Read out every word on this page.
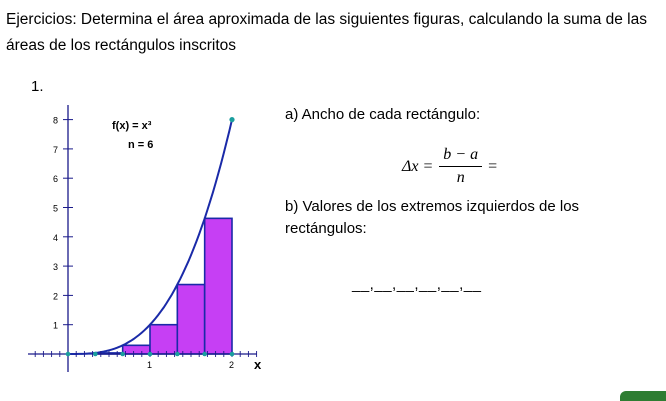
Ejercicios: Determina el área aproximada de las siguientes figuras, calculando la suma de las áreas de los rectángulos inscritos
1.
1
2
3
4
5
6
7
8
1	2
f(x) = x³
n = 6
x
a) Ancho de cada rectángulo:
$\Delta x = \frac{b - a}{n}$ =
b) Valores de los extremos izquierdos de los rectángulos:
__,__,__,__,__,__
